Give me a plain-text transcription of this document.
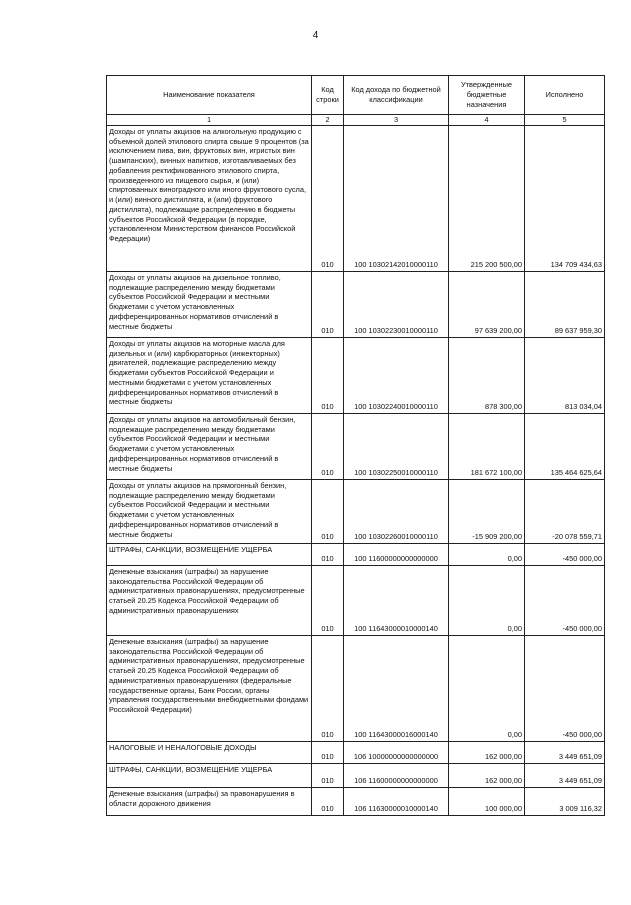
4
Наименование показателя	Код строки	Код дохода по бюджетной классификации	Утвержденные бюджетные назначения	Исполнено
1	2	3	4	5
Доходы от уплаты акцизов на алкогольную продукцию с объемной долей этилового спирта свыше 9 процентов (за исключением пива, вин, фруктовых вин, игристых вин (шампанских), винных напитков, изготавливаемых без добавления ректификованного этилового спирта, произведенного из пищевого сырья, и (или) спиртованных виноградного или иного фруктового сусла, и (или) винного дистиллята, и (или) фруктового дистиллята), подлежащие распределению в бюджеты субъектов Российской Федерации (в порядке, установленном Министерством финансов Российской Федерации)	010	100 10302142010000110	215 200 500,00	134 709 434,63
Доходы от уплаты акцизов на дизельное топливо, подлежащие распределению между бюджетами субъектов Российской Федерации и местными бюджетами с учетом установленных дифференцированных нормативов отчислений в местные бюджеты	010	100 10302230010000110	97 639 200,00	89 637 959,30
Доходы от уплаты акцизов на моторные масла для дизельных и (или) карбюраторных (инжекторных) двигателей, подлежащие распределению между бюджетами субъектов Российской Федерации и местными бюджетами с учетом установленных дифференцированных нормативов отчислений в местные бюджеты	010	100 10302240010000110	878 300,00	813 034,04
Доходы от уплаты акцизов на автомобильный бензин, подлежащие распределению между бюджетами субъектов Российской Федерации и местными бюджетами с учетом установленных дифференцированных нормативов отчислений в местные бюджеты	010	100 10302250010000110	181 672 100,00	135 464 625,64
Доходы от уплаты акцизов на прямогонный бензин, подлежащие распределению между бюджетами субъектов Российской Федерации и местными бюджетами с учетом установленных дифференцированных нормативов отчислений в местные бюджеты	010	100 10302260010000110	-15 909 200,00	-20 078 559,71
ШТРАФЫ, САНКЦИИ, ВОЗМЕЩЕНИЕ УЩЕРБА	010	100 11600000000000000	0,00	-450 000,00
Денежные взыскания (штрафы) за нарушение законодательства Российской Федерации об административных правонарушениях, предусмотренные статьей 20.25 Кодекса Российской Федерации об административных правонарушениях	010	100 11643000010000140	0,00	-450 000,00
Денежные взыскания (штрафы) за нарушение законодательства Российской Федерации об административных правонарушениях, предусмотренные статьей 20.25 Кодекса Российской Федерации об административных правонарушениях (федеральные государственные органы, Банк России, органы управления государственными внебюджетными фондами Российской Федерации)	010	100 11643000016000140	0,00	-450 000,00
НАЛОГОВЫЕ И НЕНАЛОГОВЫЕ ДОХОДЫ	010	106 10000000000000000	162 000,00	3 449 651,09
ШТРАФЫ, САНКЦИИ, ВОЗМЕЩЕНИЕ УЩЕРБА	010	106 11600000000000000	162 000,00	3 449 651,09
Денежные взыскания (штрафы) за правонарушения в области дорожного движения	010	106 11630000010000140	100 000,00	3 009 116,32
